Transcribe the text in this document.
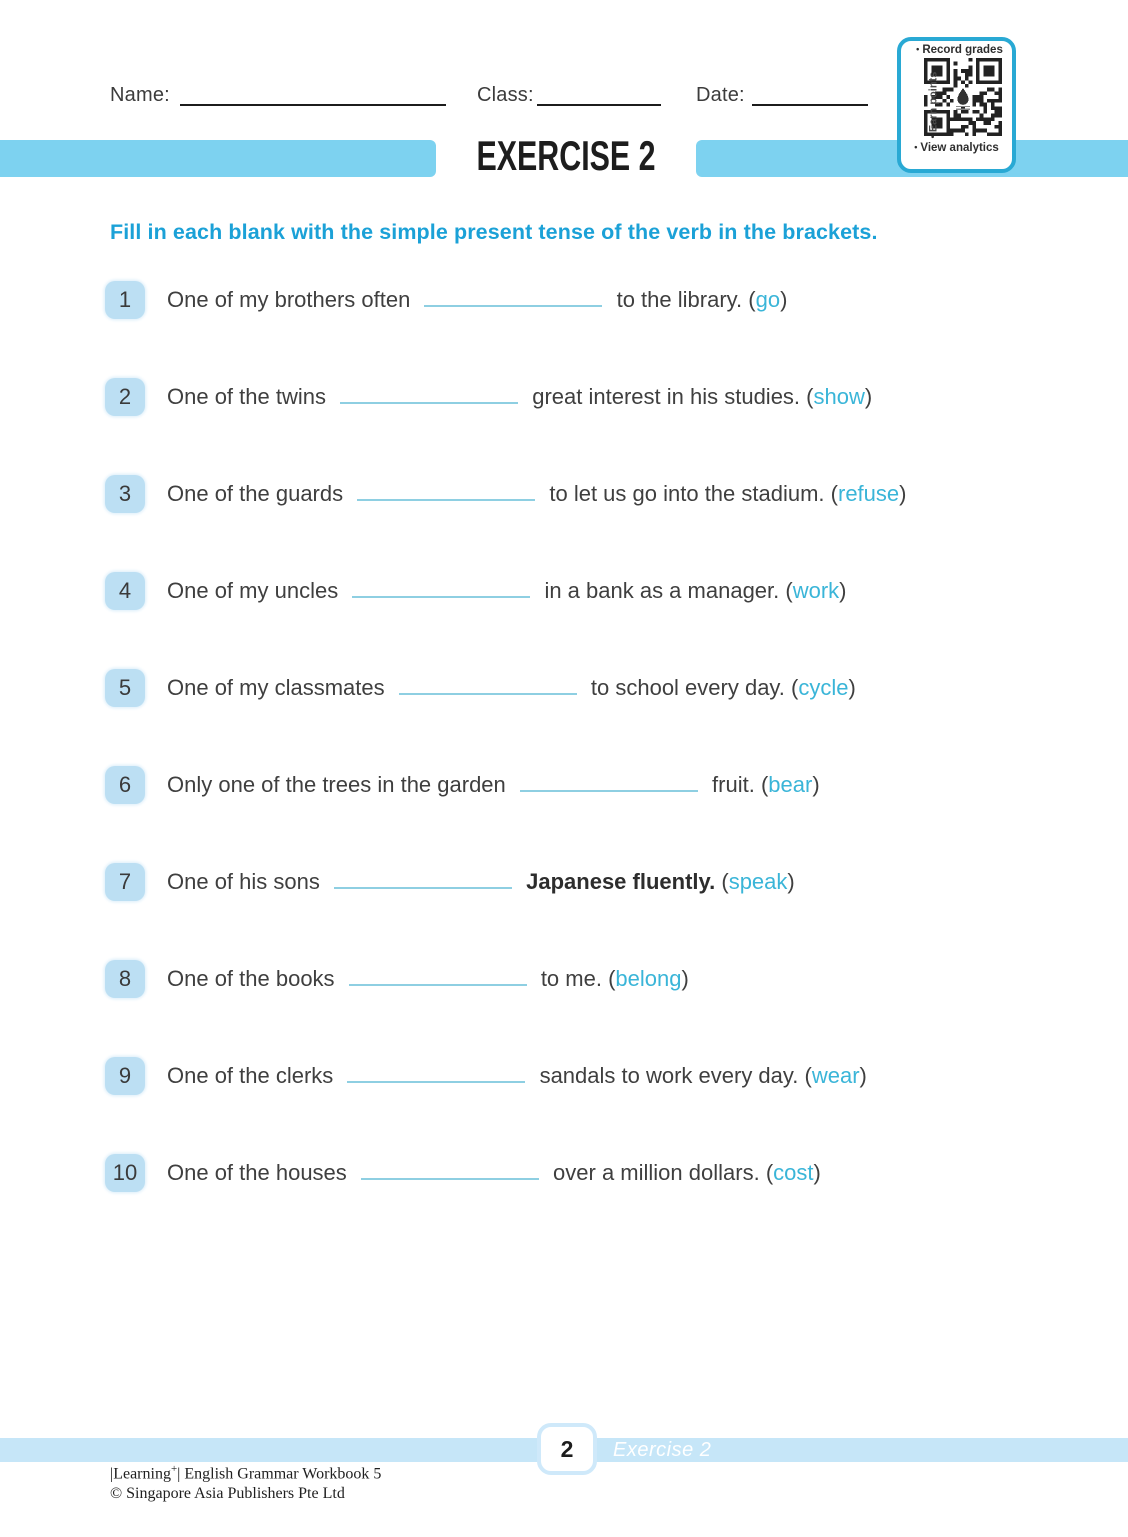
Name:	Class:	Date:
• Record grades
•Earn points
• View analytics
EXERCISE 2
Fill in each blank with the simple present tense of the verb in the brackets.
1 One of my brothers often	to the library. (go)
2 One of the twins	great interest in his studies. (show)
3 One of the guards	to let us go into the stadium. (refuse)
4 One of my uncles	in a bank as a manager. (work)
5 One of my classmates	to school every day. (cycle)
6 Only one of the trees in the garden	fruit. (bear)
7 One of his sons	Japanese fluently. (speak)
8 One of the books	to me. (belong)
9 One of the clerks	sandals to work every day. (wear)
10 One of the houses	over a million dollars. (cost)
2 Exercise 2
|Learning+| English Grammar Workbook 5
© Singapore Asia Publishers Pte Ltd
